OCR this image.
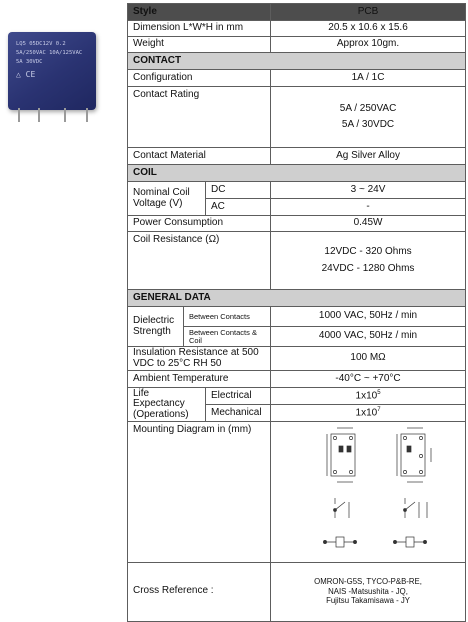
LQ5 05DC12V 0.2
5A/250VAC 10A/125VAC
5A 30VDC
△ CE
Style			PCB
Dimension L*W*H in mm			20.5 x 10.6 x 15.6
Weight			Approx 10gm.
CONTACT			
Configuration			1A / 1C
Contact Rating			5A / 250VAC
5A / 30VDC

Contact Material			Ag Silver Alloy
COIL			
Nominal Coil Voltage (V)		DC	3 ~ 24V
		AC	-
Power Consumption			0.45W
Coil Resistance (Ω)			12VDC - 320 Ohms
24VDC - 1280 Ohms

GENERAL DATA			
Dielectric Strength	Between Contacts		1000 VAC, 50Hz / min
	Between Contacts & Coil		4000 VAC, 50Hz / min
Insulation Resistance at 500 VDC to 25°C RH 50			100 MΩ
Ambient Temperature			-40°C ~ +70°C
Life Expectancy (Operations)		Electrical	$1x10^5$
		Mechanical	$1x10^7$
Mounting Diagram in (mm)	
Cross Reference :			OMRON-G5S, TYCO-P&B-RE,
NAIS -Matsushita - JQ,
Fujitsu Takamisawa - JY
